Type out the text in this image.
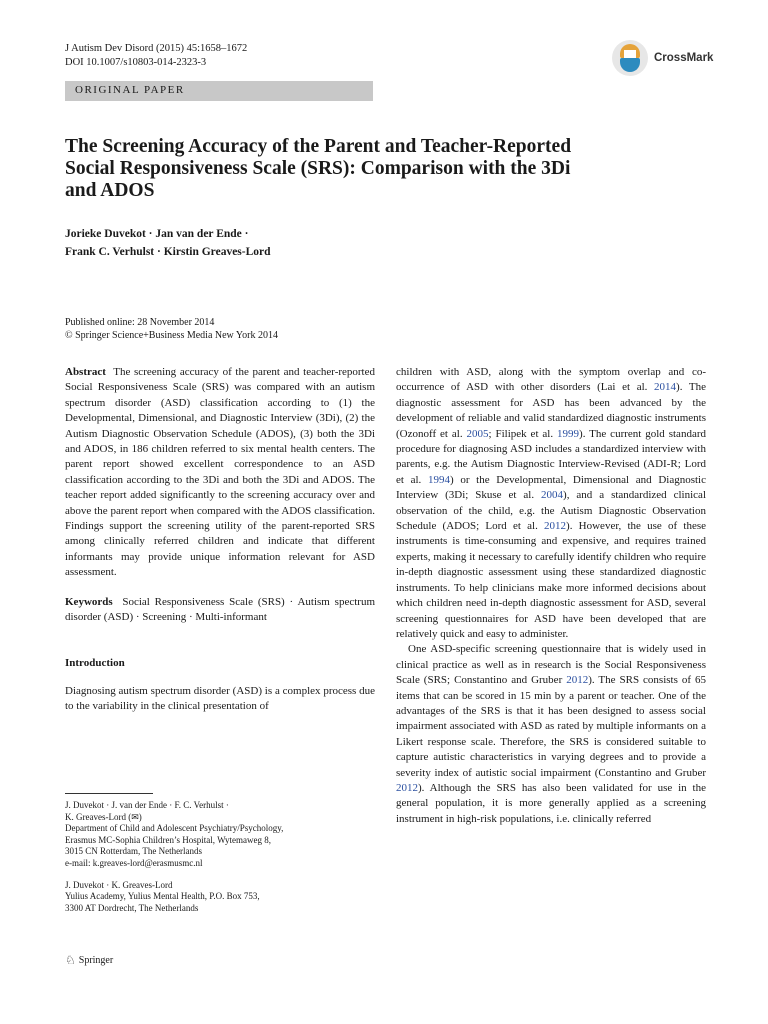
J Autism Dev Disord (2015) 45:1658–1672
DOI 10.1007/s10803-014-2323-3	CrossMark
ORIGINAL PAPER
The Screening Accuracy of the Parent and Teacher-Reported
Social Responsiveness Scale (SRS): Comparison with the 3Di
and ADOS
Jorieke Duvekot · Jan van der Ende ·
Frank C. Verhulst · Kirstin Greaves-Lord
Published online: 28 November 2014
© Springer Science+Business Media New York 2014

Abstract The screening accuracy of the parent and teacher-reported Social Responsiveness Scale (SRS) was compared with an autism spectrum disorder (ASD) classification according to (1) the Developmental, Dimensional, and Diagnostic Interview (3Di), (2) the Autism Diagnostic Observation Schedule (ADOS), (3) both the 3Di and ADOS, in 186 children referred to six mental health centers. The parent report showed excellent correspondence to an ASD classification according to the 3Di and both the 3Di and ADOS. The teacher report added significantly to the screening accuracy over and above the parent report when compared with the ADOS classification. Findings support the screening utility of the parent-reported SRS among clinically referred children and indicate that different informants may provide unique information relevant for ASD assessment.

Keywords Social Responsiveness Scale (SRS) · Autism spectrum disorder (ASD) · Screening · Multi-informant

Introduction

Diagnosing autism spectrum disorder (ASD) is a complex process due to the variability in the clinical presentation of

children with ASD, along with the symptom overlap and co-occurrence of ASD with other disorders (Lai et al. 2014). The diagnostic assessment for ASD has been advanced by the development of reliable and valid standardized diagnostic instruments (Ozonoff et al. 2005; Filipek et al. 1999). The current gold standard procedure for diagnosing ASD includes a standardized interview with parents, e.g. the Autism Diagnostic Interview-Revised (ADI-R; Lord et al. 1994) or the Developmental, Dimensional and Diagnostic Interview (3Di; Skuse et al. 2004), and a standardized clinical observation of the child, e.g. the Autism Diagnostic Observation Schedule (ADOS; Lord et al. 2012). However, the use of these instruments is time-consuming and expensive, and requires trained experts, making it necessary to carefully identify children who require in-depth diagnostic assessment using these standardized diagnostic instruments. To help clinicians make more informed decisions about which children need in-depth diagnostic assessment for ASD, several screening questionnaires for ASD have been developed that are relatively quick and easy to administer.

One ASD-specific screening questionnaire that is widely used in clinical practice as well as in research is the Social Responsiveness Scale (SRS; Constantino and Gruber 2012). The SRS consists of 65 items that can be scored in 15 min by a parent or teacher. One of the advantages of the SRS is that it has been designed to assess social impairment associated with ASD as rated by multiple informants on a Likert response scale. Therefore, the SRS is considered suitable to capture autistic characteristics in varying degrees and to provide a severity index of autistic social impairment (Constantino and Gruber 2012). Although the SRS has also been validated for use in the general population, it is more generally applied as a screening instrument in high-risk populations, i.e. clinically referred

J. Duvekot · J. van der Ende · F. C. Verhulst ·

K. Greaves-Lord (✉)

Department of Child and Adolescent Psychiatry/Psychology,

Erasmus MC-Sophia Children’s Hospital, Wytemaweg 8,

3015 CN Rotterdam, The Netherlands

e-mail: k.greaves-lord@erasmusmc.nl

J. Duvekot · K. Greaves-Lord

Yulius Academy, Yulius Mental Health, P.O. Box 753,

3300 AT Dordrecht, The Netherlands

♘ Springer
